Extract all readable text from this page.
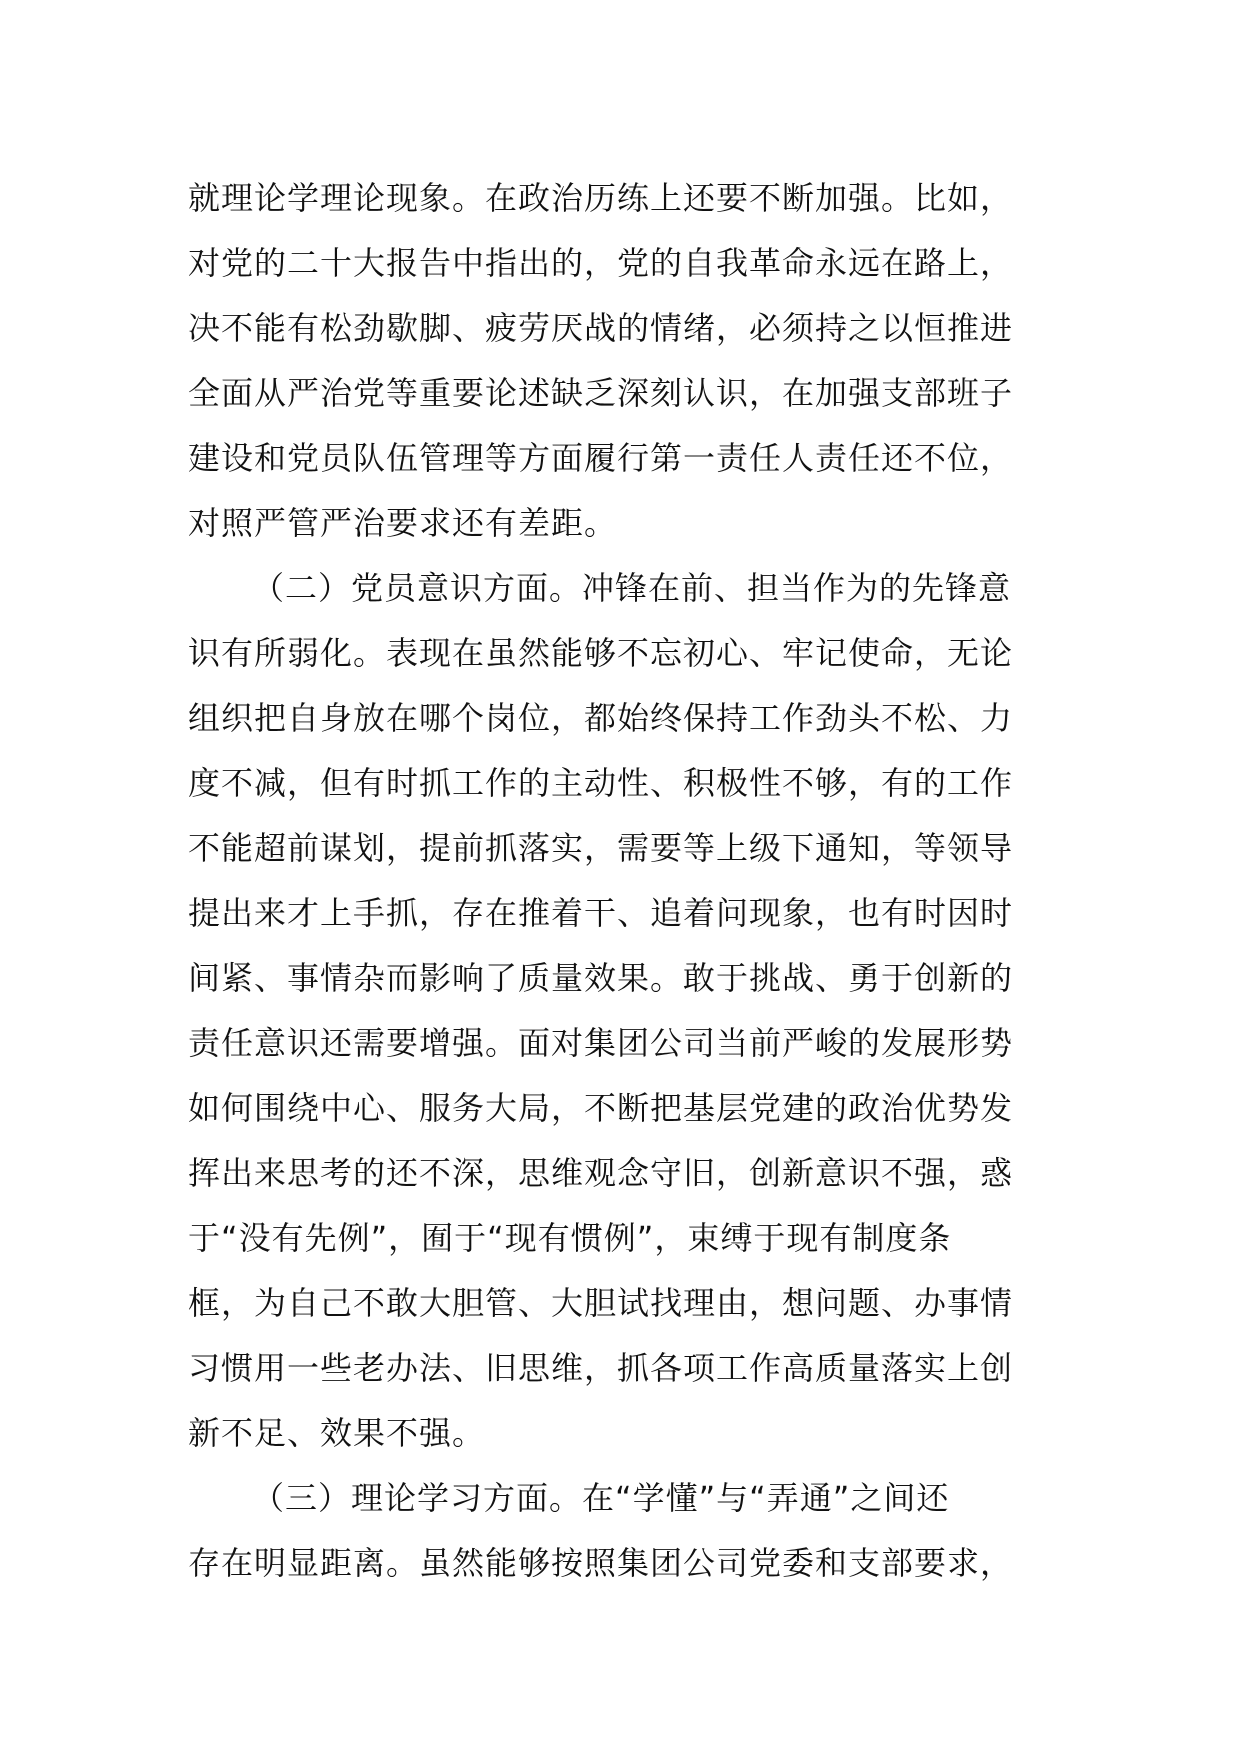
就理论学理论现象。在政治历练上还要不断加强。比如，
对党的二十大报告中指出的，党的自我革命永远在路上，
决不能有松劲歇脚、疲劳厌战的情绪，必须持之以恒推进
全面从严治党等重要论述缺乏深刻认识，在加强支部班子
建设和党员队伍管理等方面履行第一责任人责任还不位，
对照严管严治要求还有差距。
（二）党员意识方面。冲锋在前、担当作为的先锋意
识有所弱化。表现在虽然能够不忘初心、牢记使命，无论
组织把自身放在哪个岗位，都始终保持工作劲头不松、力
度不减，但有时抓工作的主动性、积极性不够，有的工作
不能超前谋划，提前抓落实，需要等上级下通知，等领导
提出来才上手抓，存在推着干、追着问现象，也有时因时
间紧、事情杂而影响了质量效果。敢于挑战、勇于创新的
责任意识还需要增强。面对集团公司当前严峻的发展形势
如何围绕中心、服务大局，不断把基层党建的政治优势发
挥出来思考的还不深，思维观念守旧，创新意识不强，惑
于“没有先例”，囿于“现有惯例”，束缚于现有制度条
框，为自己不敢大胆管、大胆试找理由，想问题、办事情
习惯用一些老办法、旧思维，抓各项工作高质量落实上创
新不足、效果不强。
（三）理论学习方面。在“学懂”与“弄通”之间还
存在明显距离。虽然能够按照集团公司党委和支部要求，
